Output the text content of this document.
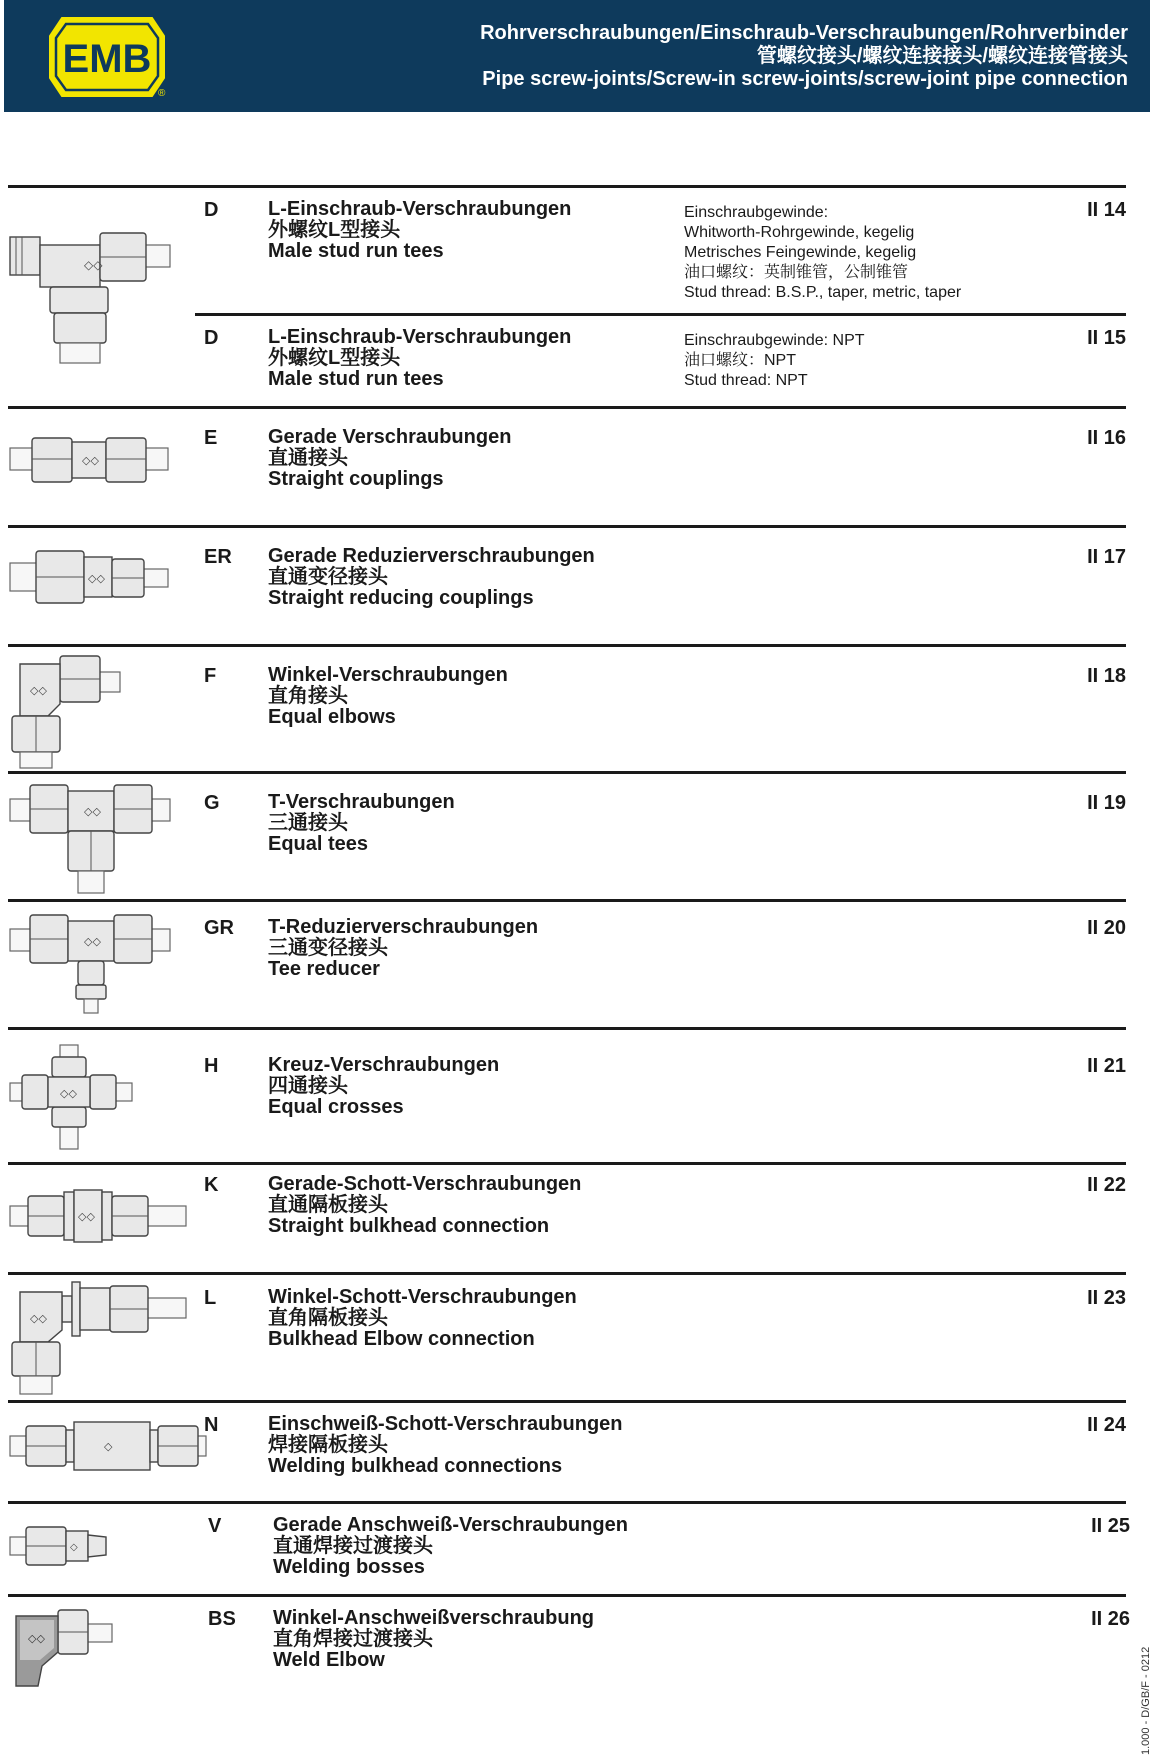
EMB
®
Rohrverschraubungen/Einschraub-Verschraubungen/Rohrverbinder
管螺纹接头/螺纹连接接头/螺纹连接管接头
Pipe screw-joints/Screw-in screw-joints/screw-joint pipe connection
◇◇
D L-Einschraub-Verschraubungen
外螺纹L型接头
Male stud run tees
Einschraubgewinde:
Whitworth-Rohrgewinde, kegelig
Metrisches Feingewinde, kegelig
油口螺纹：英制锥管，公制锥管
Stud thread: B.S.P., taper, metric, taper
II 14
D L-Einschraub-Verschraubungen
外螺纹L型接头
Male stud run tees
Einschraubgewinde: NPT
油口螺纹：NPT
Stud thread: NPT
II 15
◇◇
E	Gerade Verschraubungen
直通接头
Straight couplings
II 16
◇◇
ER Gerade Reduzierverschraubungen
直通变径接头
Straight reducing couplings
II 17
◇◇
F	Winkel-Verschraubungen
直角接头
Equal elbows
II 18
◇◇	G T-Verschraubungen
三通接头
Equal tees
II 19
◇◇
GR T-Reduzierverschraubungen
三通变径接头
Tee reducer
II 20
◇◇
H Kreuz-Verschraubungen
四通接头
Equal crosses
II 21
◇◇
K Gerade-Schott-Verschraubungen
直通隔板接头
Straight bulkhead connection
II 22
◇◇
L	Winkel-Schott-Verschraubungen
直角隔板接头
Bulkhead Elbow connection
II 23
◇
N Einschweiß-Schott-Verschraubungen
焊接隔板接头
Welding bulkhead connections
II 24
◇
V	Gerade Anschweiß-Verschraubungen
直通焊接过渡接头
Welding bosses
II 25
◇◇
BS Winkel-Anschweißverschraubung
直角焊接过渡接头
Weld Elbow
II 26
1.000 - D/GB/F - 0212
